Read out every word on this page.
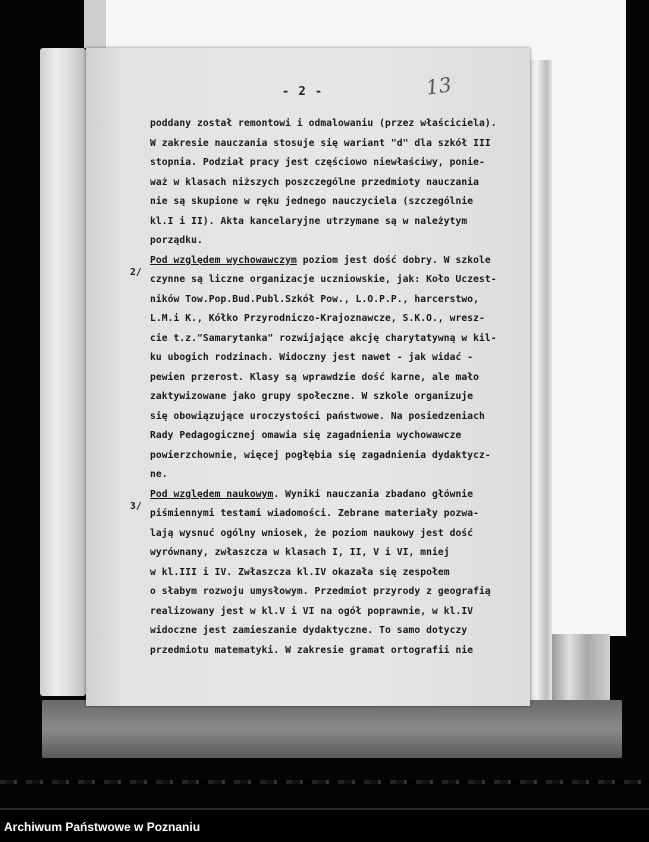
- 2 -	13
poddany został remontowi i odmalowaniu (przez właściciela).
W zakresie nauczania stosuje się wariant "d" dla szkół III
stopnia. Podział pracy jest częściowo niewłaściwy, ponie-
waż w klasach niższych poszczególne przedmioty nauczania
nie są skupione w ręku jednego nauczyciela (szczególnie
kl.I i II). Akta kancelaryjne utrzymane są w należytym
porządku.
2/
Pod względem wychowawczym poziom jest dość dobry. W szkole
czynne są liczne organizacje uczniowskie, jak: Koło Uczest-
ników Tow.Pop.Bud.Publ.Szkół Pow., L.O.P.P., harcerstwo,
L.M.i K., Kółko Przyrodniczo-Krajoznawcze, S.K.O., wresz-
cie t.z."Samarytanka" rozwijające akcję charytatywną w kil-
ku ubogich rodzinach. Widoczny jest nawet - jak widać -
pewien przerost. Klasy są wprawdzie dość karne, ale mało
zaktywizowane jako grupy społeczne. W szkole organizuje
się obowiązujące uroczystości państwowe. Na posiedzeniach
Rady Pedagogicznej omawia się zagadnienia wychowawcze
powierzchownie, więcej pogłębia się zagadnienia dydaktycz-
ne.
3/
Pod względem naukowym. Wyniki nauczania zbadano głównie
piśmiennymi testami wiadomości. Zebrane materiały pozwa-
lają wysnuć ogólny wniosek, że poziom naukowy jest dość
wyrównany, zwłaszcza w klasach I, II, V i VI, mniej
w kl.III i IV. Zwłaszcza kl.IV okazała się zespołem
o słabym rozwoju umysłowym. Przedmiot przyrody z geografią
realizowany jest w kl.V i VI na ogół poprawnie, w kl.IV
widoczne jest zamieszanie dydaktyczne. To samo dotyczy
przedmiotu matematyki. W zakresie gramat ortografii nie
Archiwum Państwowe w Poznaniu
